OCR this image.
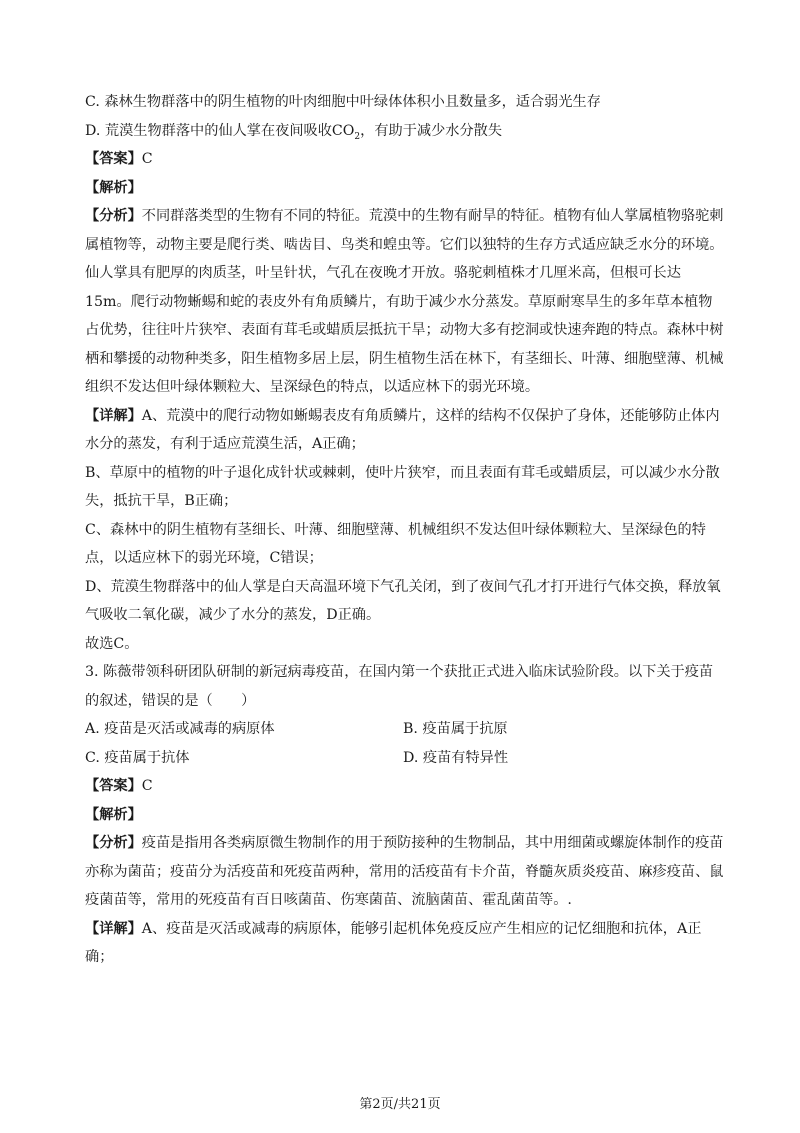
C. 森林生物群落中的阴生植物的叶肉细胞中叶绿体体积小且数量多，适合弱光生存

D. 荒漠生物群落中的仙人掌在夜间吸收$CO_2$，有助于减少水分散失

【答案】C

【解析】

【分析】不同群落类型的生物有不同的特征。荒漠中的生物有耐旱的特征。植物有仙人掌属植物骆驼刺属植物等，动物主要是爬行类、啮齿目、鸟类和蝗虫等。它们以独特的生存方式适应缺乏水分的环境。仙人掌具有肥厚的肉质茎，叶呈针状，气孔在夜晚才开放。骆驼刺植株才几厘米高，但根可长达15m。爬行动物蜥蜴和蛇的表皮外有角质鳞片，有助于减少水分蒸发。草原耐寒旱生的多年草本植物占优势，往往叶片狭窄、表面有茸毛或蜡质层抵抗干旱；动物大多有挖洞或快速奔跑的特点。森林中树栖和攀援的动物种类多，阳生植物多居上层，阴生植物生活在林下，有茎细长、叶薄、细胞壁薄、机械组织不发达但叶绿体颗粒大、呈深绿色的特点，以适应林下的弱光环境。

【详解】A、荒漠中的爬行动物如蜥蜴表皮有角质鳞片，这样的结构不仅保护了身体，还能够防止体内水分的蒸发，有利于适应荒漠生活，A正确；

B、草原中的植物的叶子退化成针状或棘刺，使叶片狭窄，而且表面有茸毛或蜡质层，可以减少水分散失，抵抗干旱，B正确；

C、森林中的阴生植物有茎细长、叶薄、细胞壁薄、机械组织不发达但叶绿体颗粒大、呈深绿色的特点，以适应林下的弱光环境，C错误；

D、荒漠生物群落中的仙人掌是白天高温环境下气孔关闭，到了夜间气孔才打开进行气体交换，释放氧气吸收二氧化碳，减少了水分的蒸发，D正确。

故选C。

3. 陈薇带领科研团队研制的新冠病毒疫苗，在国内第一个获批正式进入临床试验阶段。以下关于疫苗的叙述，错误的是（　　）

A. 疫苗是灭活或减毒的病原体	B. 疫苗属于抗原
C. 疫苗属于抗体	D. 疫苗有特异性

【答案】C

【解析】

【分析】疫苗是指用各类病原微生物制作的用于预防接种的生物制品，其中用细菌或螺旋体制作的疫苗亦称为菌苗；疫苗分为活疫苗和死疫苗两种，常用的活疫苗有卡介苗，脊髓灰质炎疫苗、麻疹疫苗、鼠疫菌苗等，常用的死疫苗有百日咳菌苗、伤寒菌苗、流脑菌苗、霍乱菌苗等。.

【详解】A、疫苗是灭活或减毒的病原体，能够引起机体免疫反应产生相应的记忆细胞和抗体，A正确；

第2页/共21页
